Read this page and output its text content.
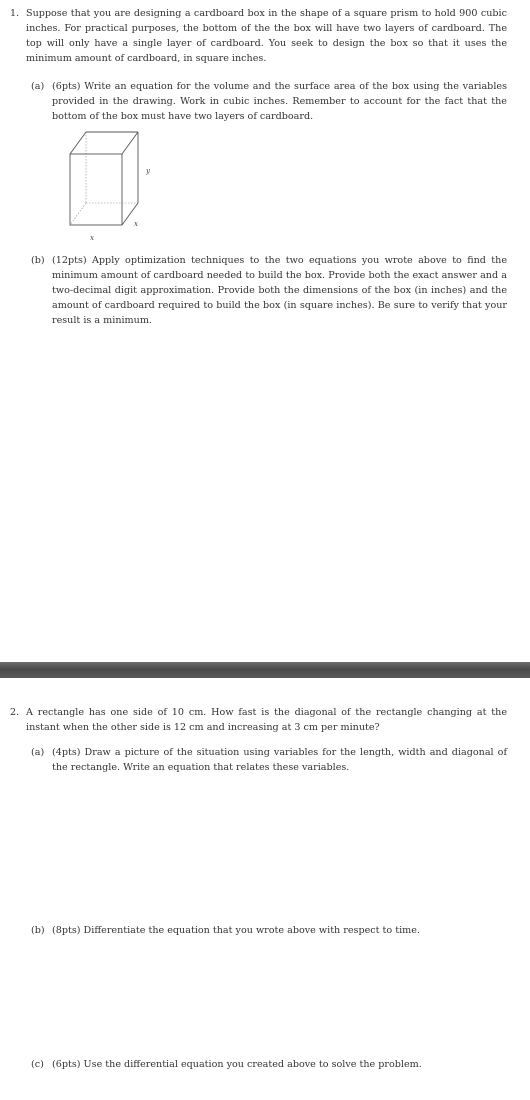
1. Suppose that you are designing a cardboard box in the shape of a square prism to hold 900 cubic inches. For practical purposes, the bottom of the the box will have two layers of cardboard. The top will only have a single layer of cardboard. You seek to design the box so that it uses the minimum amount of cardboard, in square inches.

(a) (6pts) Write an equation for the volume and the surface area of the box using the variables provided in the drawing. Work in cubic inches. Remember to account for the fact that the bottom of the box must have two layers of cardboard.

y
x
x
(b) (12pts) Apply optimization techniques to the two equations you wrote above to find the minimum amount of cardboard needed to build the box. Provide both the exact answer and a two-decimal digit approximation. Provide both the dimensions of the box (in inches) and the amount of cardboard required to build the box (in square inches). Be sure to verify that your result is a minimum.

2. A rectangle has one side of 10 cm. How fast is the diagonal of the rectangle changing at the instant when the other side is 12 cm and increasing at 3 cm per minute?

(a) (4pts) Draw a picture of the situation using variables for the length, width and diagonal of the rectangle. Write an equation that relates these variables.

(b) (8pts) Differentiate the equation that you wrote above with respect to time.

(c) (6pts) Use the differential equation you created above to solve the problem.
